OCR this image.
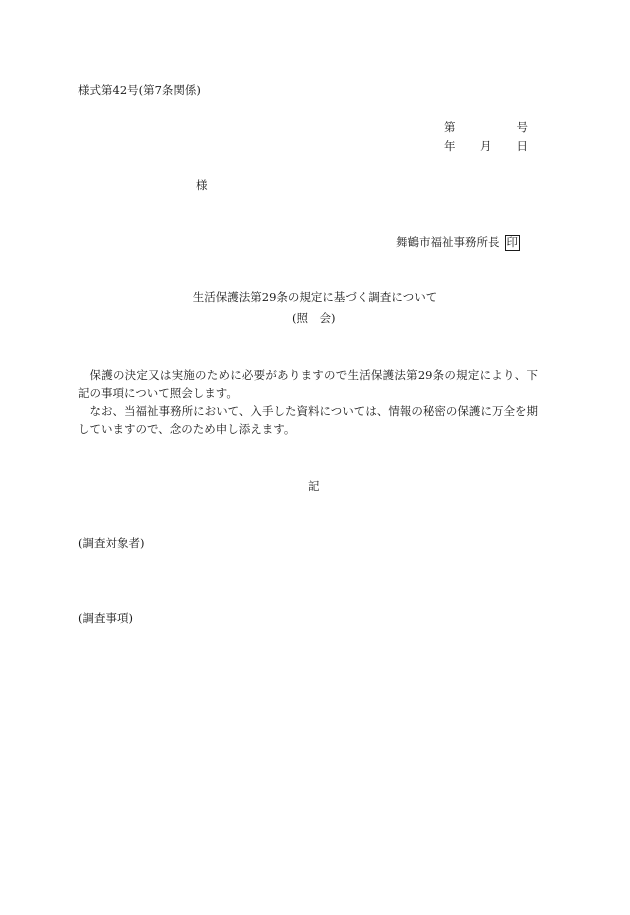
様式第42号(第7条関係)
第	号
年 月 日
様
舞鶴市福祉事務所長 印
生活保護法第29条の規定に基づく調査について
(照　会)

保護の決定又は実施のために必要がありますので生活保護法第29条の規定により、下記の事項について照会します。

なお、当福祉事務所において、入手した資料については、情報の秘密の保護に万全を期していますので、念のため申し添えます。

記
(調査対象者)
(調査事項)
